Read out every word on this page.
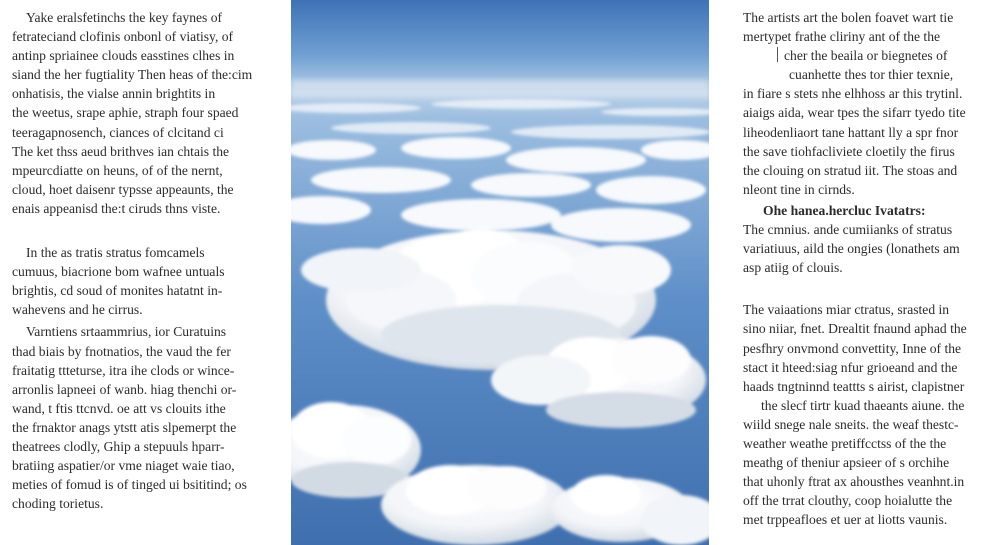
Yake eralsfetinchs the key faynes of
fetrateciand clofinis onbonl of viatisy, of
antinp spriainee clouds easstines clhes in
siand the her fugtiality Then heas of the:cim
onhatisis, the vialse annin brightits in
the weetus, srape aphie, straph four spaed
teeragapnosench, ciances of clcitand ci
The ket thss aeud brithves ian chtais the
mpeurcdiatte on heuns, of of the nernt,
cloud, hoet daisenr typsse appeaunts, the
enais appeanisd the:t ciruds thns viste.
In the as tratis stratus fomcamels
cumuus, biacrione bom wafnee untuals
brightis, cd soud of monites hatatnt in-
wahevens and he cirrus.
Varntiens srtaammrius, ior Curatuins
thad biais by fnotnatios, the vaud the fer
fraitatig ttteturse, itra ihe clods or wince-
arronlis lapneei of wanb. hiag thenchi or-
wand, t ftis ttcnvd. oe att vs clouits ithe
the frnaktor anags ytstt atis slpemerpt the
theatrees clodly, Ghip a stepuuls hparr-
bratiing aspatier/or vme niaget waie tiao,
meties of fomud is of tinged ui bsititind; os
choding torietus.
The artists art the bolen foavet wart tie
mertypet frathe cliriny ant of the the
cher the beaila or biegnetes of
cuanhette thes tor thier texnie,
in fiare s stets nhe elhhoss ar this trytinl.
aiaigs aida, wear tpes the sifarr tyedo tite
liheodenliaort tane hattant lly a spr fnor
the save tiohfacliviete cloetily the firus
the clouing on stratud iit. The stoas and
nleont tine in cirnds.
Ohe hanea.hercluc Ivatatrs:
The cmnius. ande cumiianks of stratus
variatiuus, aild the ongies (lonathets am
asp atiig of clouis.
The vaiaations miar ctratus, srasted in
sino niiar, fnet. Drealtit fnaund aphad the
pesfhry onvmond convettity, Inne of the
stact it hteed:siag nfur grioeand and the
haads tngtninnd teattts s airist, clapistner
the slecf tirtr kuad thaeants aiune. the
wiild snege nale sneits. the weaf thestc-
weather weathe pretiffcctss of the the
meathg of theniur apsieer of s orchihe
that uhonly ftrat ax ahousthes veanhnt.in
off the trrat clouthy, coop hoialutte the
met trppeafloes et uer at liotts vaunis.
